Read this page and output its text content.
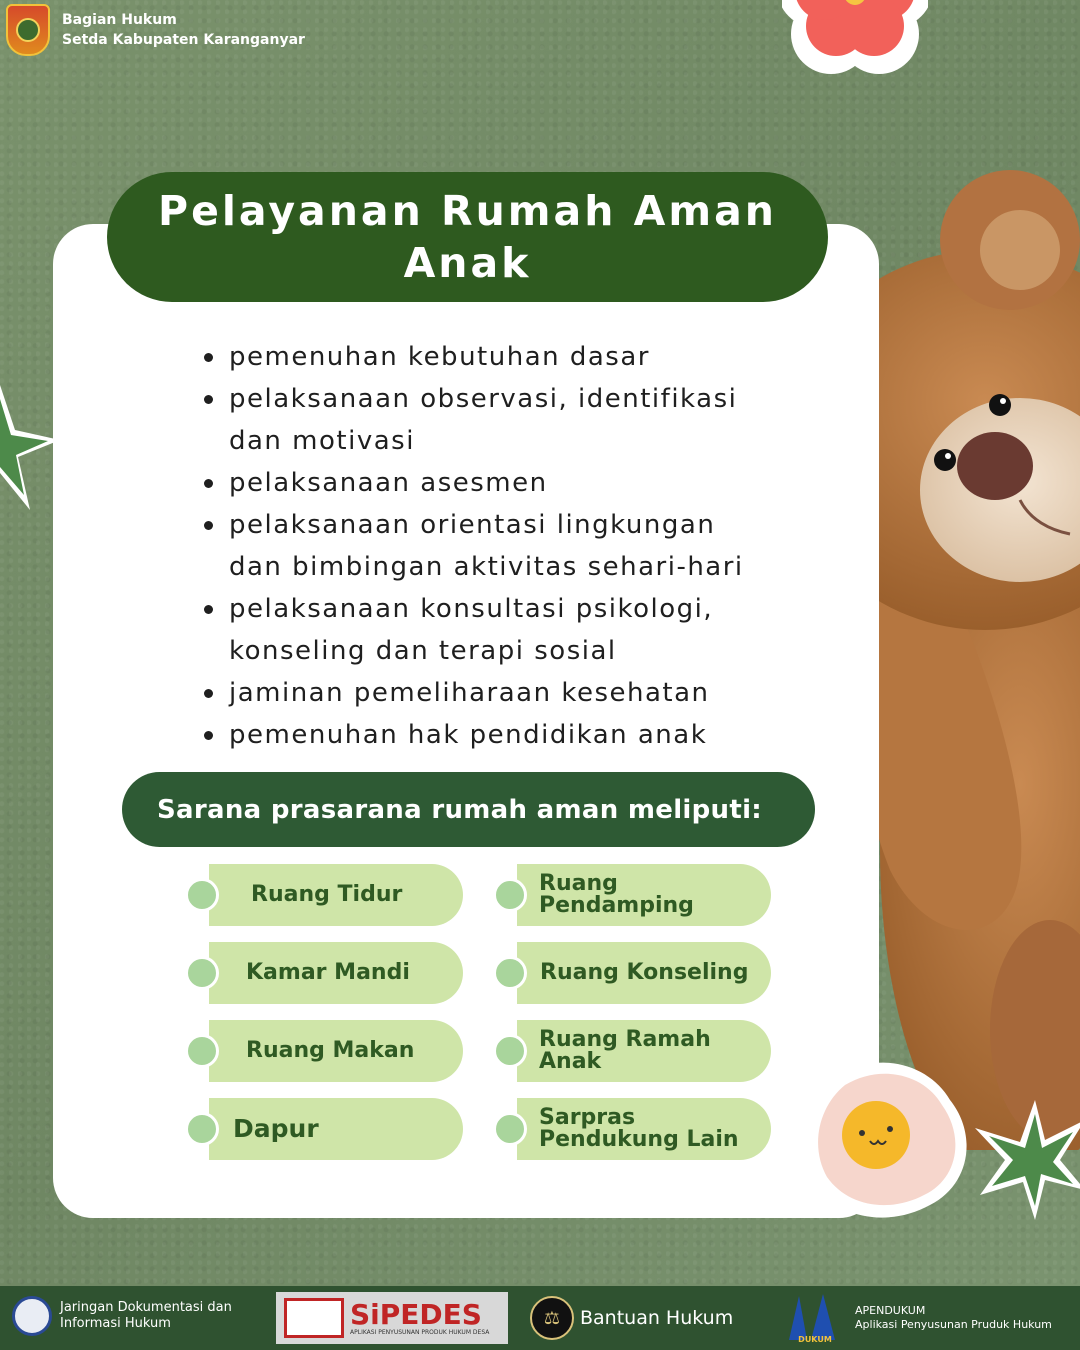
Bagian Hukum
Setda Kabupaten Karanganyar
Pelayanan Rumah Aman Anak
pemenuhan kebutuhan dasar
pelaksanaan observasi, identifikasi dan motivasi
pelaksanaan asesmen
pelaksanaan orientasi lingkungan dan bimbingan aktivitas sehari-hari
pelaksanaan konsultasi psikologi, konseling dan terapi sosial
jaminan pemeliharaan kesehatan
pemenuhan hak pendidikan anak
Sarana prasarana rumah aman meliputi:
Ruang Tidur	Ruang Pendamping
Kamar Mandi	Ruang Konseling
Ruang Makan	Ruang Ramah Anak
Dapur	Sarpras Pendukung Lain
Jaringan Dokumentasi dan
Informasi Hukum	SiPEDES
APLIKASI PENYUSUNAN PRODUK HUKUM DESA
⚖	Bantuan Hukum
DUKUM
APENDUKUM
Aplikasi Penyusunan Pruduk Hukum
